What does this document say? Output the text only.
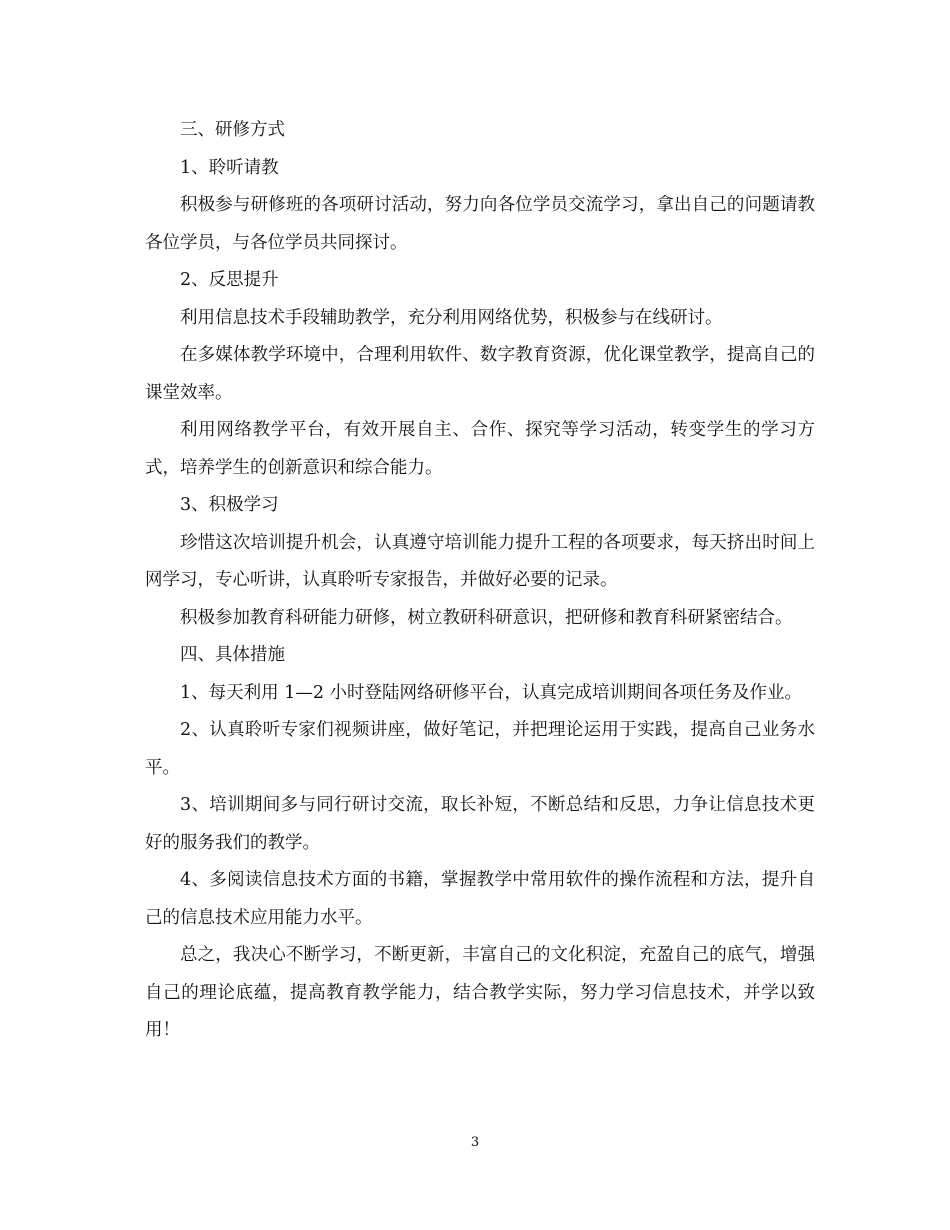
三、研修方式

1、聆听请教

积极参与研修班的各项研讨活动，努力向各位学员交流学习，拿出自己的问题请教各位学员，与各位学员共同探讨。

2、反思提升

利用信息技术手段辅助教学，充分利用网络优势，积极参与在线研讨。

在多媒体教学环境中，合理利用软件、数字教育资源，优化课堂教学，提高自己的课堂效率。

利用网络教学平台，有效开展自主、合作、探究等学习活动，转变学生的学习方式，培养学生的创新意识和综合能力。

3、积极学习

珍惜这次培训提升机会，认真遵守培训能力提升工程的各项要求，每天挤出时间上网学习，专心听讲，认真聆听专家报告，并做好必要的记录。

积极参加教育科研能力研修，树立教研科研意识，把研修和教育科研紧密结合。

四、具体措施

1、每天利用 1—2 小时登陆网络研修平台，认真完成培训期间各项任务及作业。

2、认真聆听专家们视频讲座，做好笔记，并把理论运用于实践，提高自己业务水平。

3、培训期间多与同行研讨交流，取长补短，不断总结和反思，力争让信息技术更好的服务我们的教学。

4、多阅读信息技术方面的书籍，掌握教学中常用软件的操作流程和方法，提升自己的信息技术应用能力水平。

总之，我决心不断学习，不断更新，丰富自己的文化积淀，充盈自己的底气，增强自己的理论底蕴，提高教育教学能力，结合教学实际，努力学习信息技术，并学以致用！

3
